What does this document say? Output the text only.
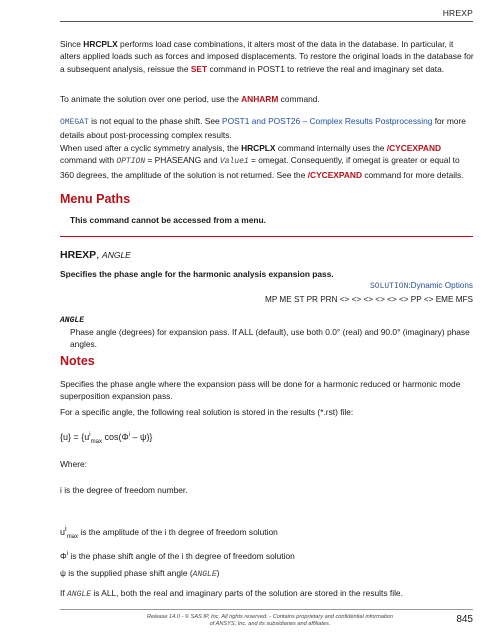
HREXP

Since HRCPLX performs load case combinations, it alters most of the data in the database. In particular, it alters applied loads such as forces and imposed displacements. To restore the original loads in the database for a subsequent analysis, reissue the SET command in POST1 to retrieve the real and imaginary set data.

To animate the solution over one period, use the ANHARM command.

OMEGAT is not equal to the phase shift. See POST1 and POST26 – Complex Results Postprocessing for more details about post-processing complex results.

When used after a cyclic symmetry analysis, the HRCPLX command internally uses the /CYCEXPAND command with OPTION = PHASEANG and Value1 = omegat. Consequently, if omegat is greater or equal to 360 degrees, the amplitude of the solution is not returned. See the /CYCEXPAND command for more details.

Menu Paths

This command cannot be accessed from a menu.

HREXP, ANGLE

Specifies the phase angle for the harmonic analysis expansion pass.

SOLUTION:Dynamic Options
MP ME ST PR PRN <> <> <> <> <> <> PP <> EME MFS
ANGLE

Phase angle (degrees) for expansion pass. If ALL (default), use both 0.0° (real) and 90.0° (imaginary) phase angles.

Notes

Specifies the phase angle where the expansion pass will be done for a harmonic reduced or harmonic mode superposition expansion pass.

For a specific angle, the following real solution is stored in the results (*.rst) file:

$\{u\} = \{u^i_{max}$ $\cos(\Phi^i - \psi)$}

Where:

i is the degree of freedom number.

$u^i_{max}$ is the amplitude of the i th degree of freedom solution

$\Phi^i$ is the phase shift angle of the i th degree of freedom solution

ψ is the supplied phase shift angle (ANGLE)

If ANGLE is ALL, both the real and imaginary parts of the solution are stored in the results file.

Release 14.0 - © SAS IP, Inc. All rights reserved. - Contains proprietary and confidential information
of ANSYS, Inc. and its subsidiaries and affiliates.	845
